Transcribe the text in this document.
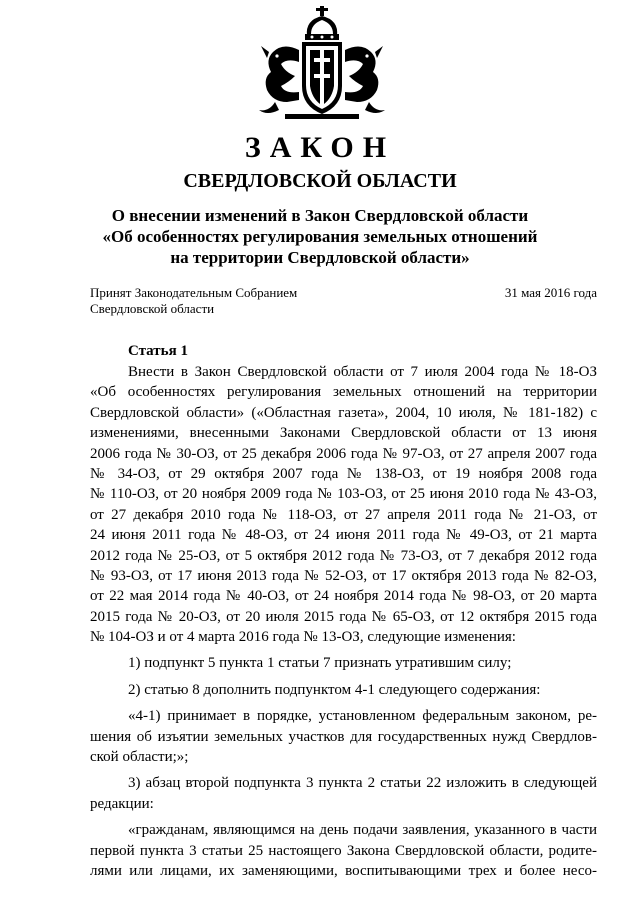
ЗАКОН
СВЕРДЛОВСКОЙ ОБЛАСТИ
О внесении изменений в Закон Свердловской области
«Об особенностях регулирования земельных отношений
на территории Свердловской области»
Принят Законодательным Собранием
Свердловской области
31 мая 2016 года
Статья 1
Внести в Закон Свердловской области от 7 июля 2004 года № 18-ОЗ
«Об особенностях регулирования земельных отношений на территории
Свердловской области» («Областная газета», 2004, 10 июля, № 181-182) с
изменениями, внесенными Законами Свердловской области от 13 июня
2006 года № 30-ОЗ, от 25 декабря 2006 года № 97-ОЗ, от 27 апреля 2007 года
№ 34-ОЗ, от 29 октября 2007 года № 138-ОЗ, от 19 ноября 2008 года
№ 110-ОЗ, от 20 ноября 2009 года № 103-ОЗ, от 25 июня 2010 года № 43-ОЗ,
от 27 декабря 2010 года № 118-ОЗ, от 27 апреля 2011 года № 21-ОЗ, от
24 июня 2011 года № 48-ОЗ, от 24 июня 2011 года № 49-ОЗ, от 21 марта
2012 года № 25-ОЗ, от 5 октября 2012 года № 73-ОЗ, от 7 декабря 2012 года
№ 93-ОЗ, от 17 июня 2013 года № 52-ОЗ, от 17 октября 2013 года № 82-ОЗ,
от 22 мая 2014 года № 40-ОЗ, от 24 ноября 2014 года № 98-ОЗ, от 20 марта
2015 года № 20-ОЗ, от 20 июля 2015 года № 65-ОЗ, от 12 октября 2015 года
№ 104-ОЗ и от 4 марта 2016 года № 13-ОЗ, следующие изменения:
1) подпункт 5 пункта 1 статьи 7 признать утратившим силу;
2) статью 8 дополнить подпунктом 4-1 следующего содержания:
«4-1) принимает в порядке, установленном федеральным законом, ре-
шения об изъятии земельных участков для государственных нужд Свердлов-
ской области;»;
3) абзац второй подпункта 3 пункта 2 статьи 22 изложить в следующей
редакции:
«гражданам, являющимся на день подачи заявления, указанного в части
первой пункта 3 статьи 25 настоящего Закона Свердловской области, родите-
лями или лицами, их заменяющими, воспитывающими трех и более несо-
